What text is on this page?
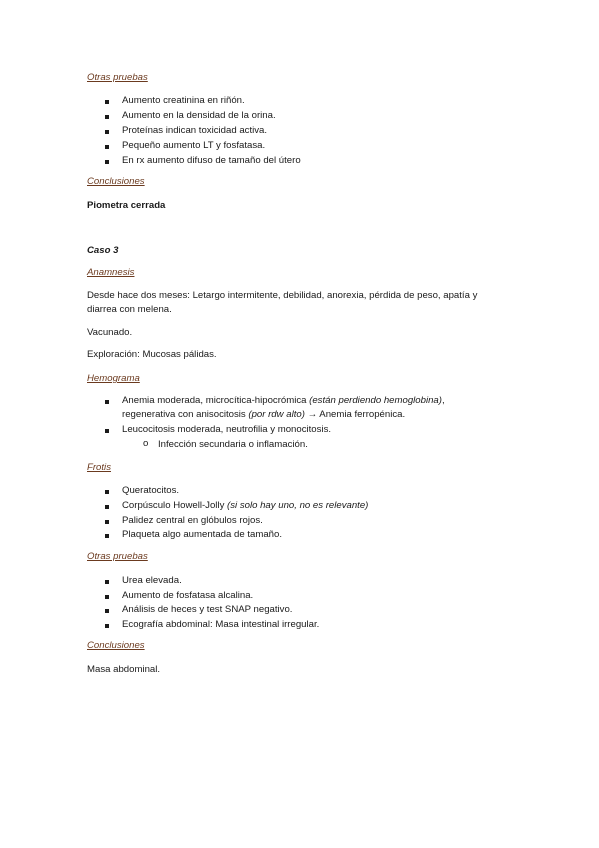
Otras pruebas
Aumento creatinina en riñón.
Aumento en la densidad de la orina.
Proteínas indican toxicidad activa.
Pequeño aumento LT y fosfatasa.
En rx aumento difuso de tamaño del útero
Conclusiones
Piometra cerrada
Caso 3
Anamnesis
Desde hace dos meses: Letargo intermitente, debilidad, anorexia, pérdida de peso, apatía y
diarrea con melena.
Vacunado.
Exploración: Mucosas pálidas.
Hemograma
Anemia moderada, microcítica-hipocrómica (están perdiendo hemoglobina),
regenerativa con anisocitosis (por rdw alto) → Anemia ferropénica.
Leucocitosis moderada, neutrofilia y monocitosis.
o Infección secundaria o inflamación.
Frotis
Queratocitos.
Corpúsculo Howell-Jolly (si solo hay uno, no es relevante)
Palidez central en glóbulos rojos.
Plaqueta algo aumentada de tamaño.
Otras pruebas
Urea elevada.
Aumento de fosfatasa alcalina.
Análisis de heces y test SNAP negativo.
Ecografía abdominal: Masa intestinal irregular.
Conclusiones
Masa abdominal.
